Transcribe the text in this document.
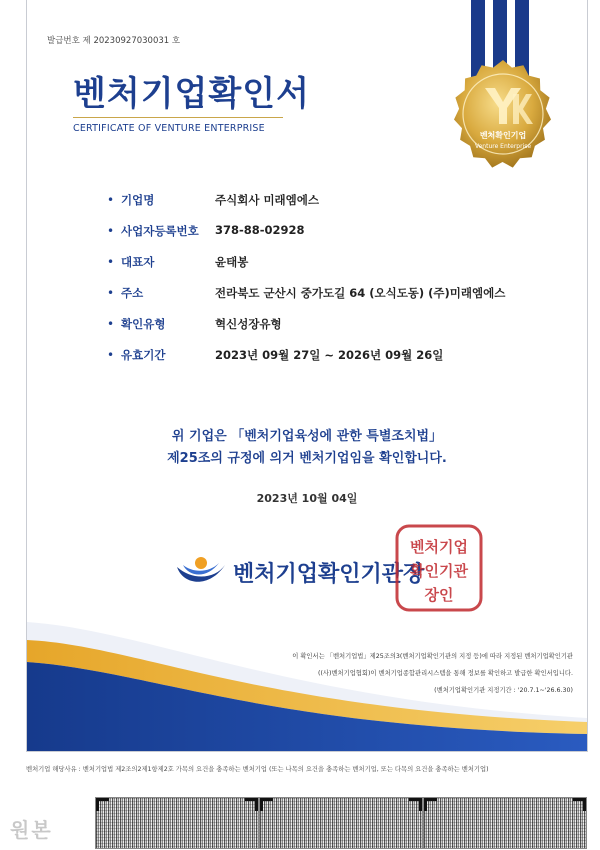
발급번호 제 20230927030031 호
벤처기업확인서
CERTIFICATE OF VENTURE ENTERPRISE
벤처확인기업
Venture Enterprise
• 기업명	주식회사 미래엠에스
• 사업자등록번호 378-88-02928
• 대표자	윤태봉
• 주소	전라북도 군산시 중가도길 64 (오식도동) (주)미래엠에스
• 확인유형	혁신성장유형
• 유효기간	2023년 09월 27일 ~ 2026년 09월 26일
위 기업은 「벤처기업육성에 관한 특별조치법」
제25조의 규정에 의거 벤처기업임을 확인합니다.
2023년 10월 04일
벤처기업확인기관장
벤처기업
확인기관
장인
이 확인서는 「벤처기업법」제25조의3(벤처기업확인기관의 지정 등)에 따라 지정된 벤처기업확인기관
((사)벤처기업협회)이 벤처기업종합관리시스템을 통해 정보를 확인하고 발급한 확인서입니다.
(벤처기업확인기관 지정기간 : '20.7.1~'26.6.30)
벤처기업 해당사유 : 벤처기업법 제2조의2제1항제2호 가목의 요건을 충족하는 벤처기업 (또는 나목의 요건을 충족하는 벤처기업, 또는 다목의 요건을 충족하는 벤처기업)
원본
